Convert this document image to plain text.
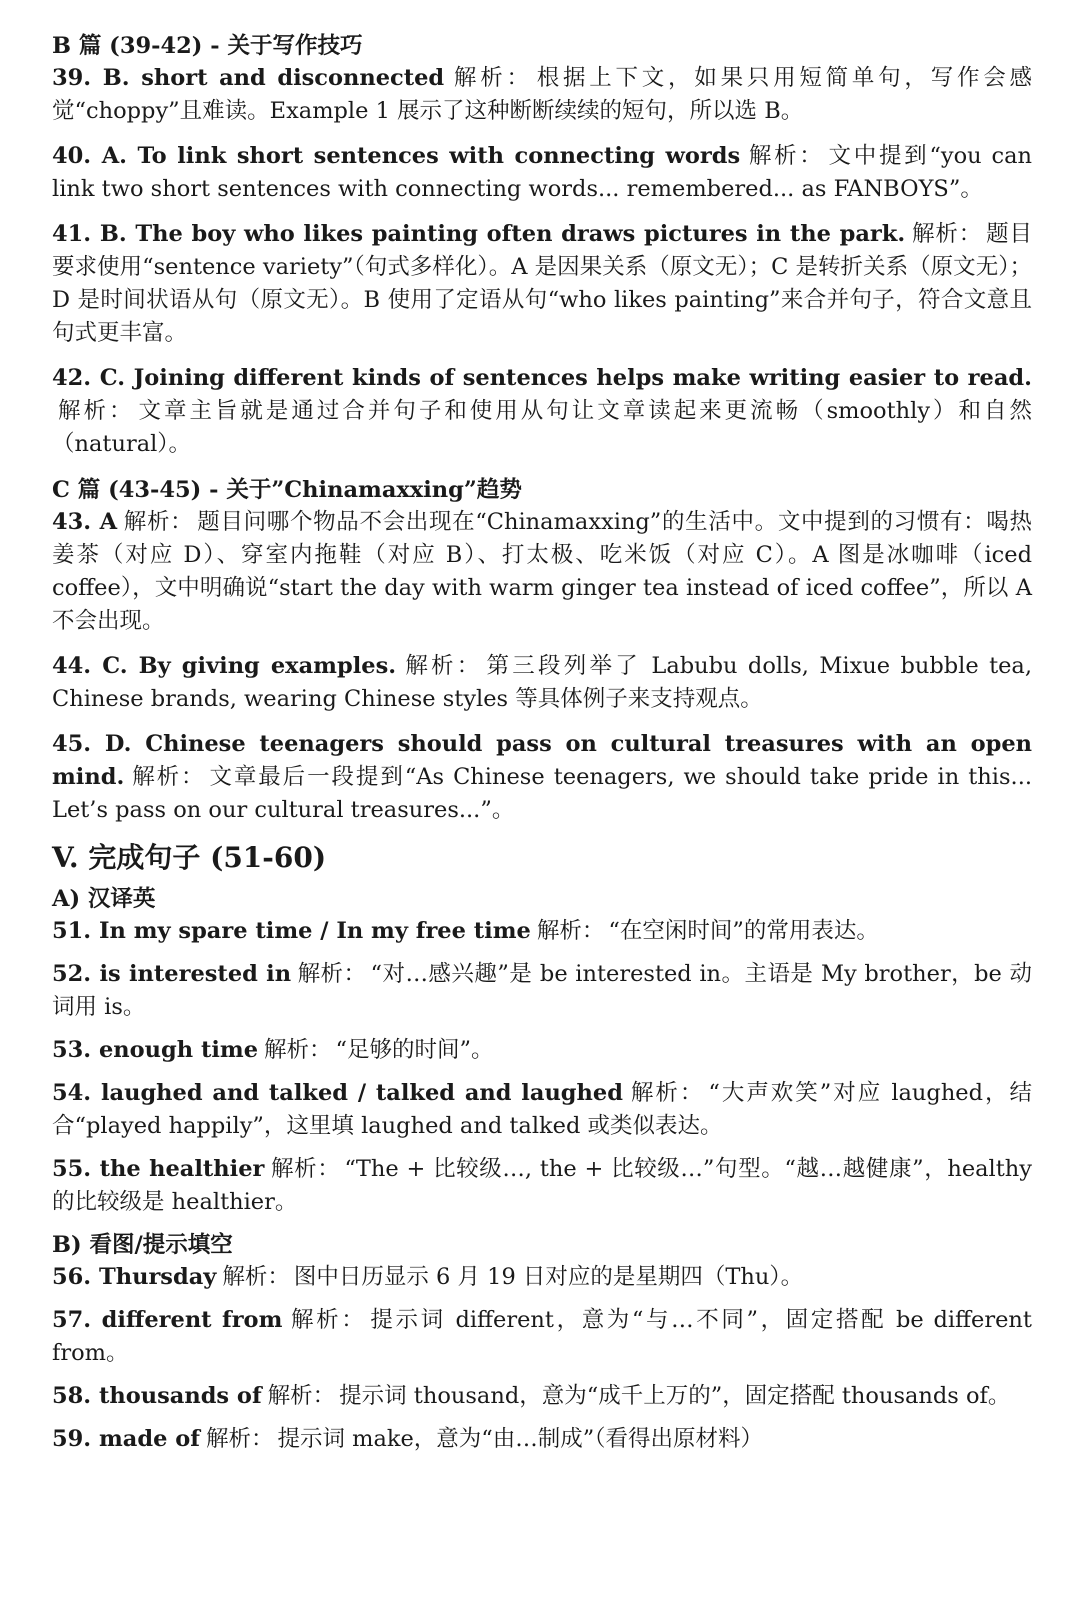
B 篇 (39-42) - 关于写作技巧

39. B. short and disconnected 解析： 根据上下文，如果只用短简单句，写作会感觉“choppy”且难读。Example 1 展示了这种断断续续的短句，所以选 B。

40. A. To link short sentences with connecting words 解析： 文中提到“you can link two short sentences with connecting words... remembered... as FANBOYS”。

41. B. The boy who likes painting often draws pictures in the park. 解析： 题目要求使用“sentence variety”（句式多样化）。A 是因果关系（原文无）；C 是转折关系（原文无）；D 是时间状语从句（原文无）。B 使用了定语从句“who likes painting”来合并句子，符合文意且句式更丰富。

42. C. Joining different kinds of sentences helps make writing easier to read.解析： 文章主旨就是通过合并句子和使用从句让文章读起来更流畅（smoothly）和自然（natural）。

C 篇 (43-45) - 关于”Chinamaxxing”趋势

43. A 解析： 题目问哪个物品不会出现在“Chinamaxxing”的生活中。文中提到的习惯有：喝热姜茶（对应 D）、穿室内拖鞋（对应 B）、打太极、吃米饭（对应 C）。A 图是冰咖啡（iced coffee），文中明确说“start the day with warm ginger tea instead of iced coffee”，所以 A 不会出现。

44. C. By giving examples. 解析： 第三段列举了 Labubu dolls, Mixue bubble tea, Chinese brands, wearing Chinese styles 等具体例子来支持观点。

45. D. Chinese teenagers should pass on cultural treasures with an open mind. 解析： 文章最后一段提到“As Chinese teenagers, we should take pride in this... Let’s pass on our cultural treasures...”。

V. 完成句子 (51-60)
A) 汉译英

51. In my spare time / In my free time 解析： “在空闲时间”的常用表达。

52. is interested in 解析： “对…感兴趣”是 be interested in。主语是 My brother，be 动词用 is。

53. enough time 解析： “足够的时间”。

54. laughed and talked / talked and laughed 解析： “大声欢笑”对应 laughed，结合“played happily”，这里填 laughed and talked 或类似表达。

55. the healthier 解析： “The + 比较级…, the + 比较级…”句型。“越…越健康”，healthy 的比较级是 healthier。

B) 看图/提示填空

56. Thursday 解析： 图中日历显示 6 月 19 日对应的是星期四（Thu）。

57. different from 解析： 提示词 different，意为“与…不同”，固定搭配 be different from。

58. thousands of 解析： 提示词 thousand，意为“成千上万的”，固定搭配 thousands of。

59. made of 解析： 提示词 make，意为“由…制成”（看得出原材料）
